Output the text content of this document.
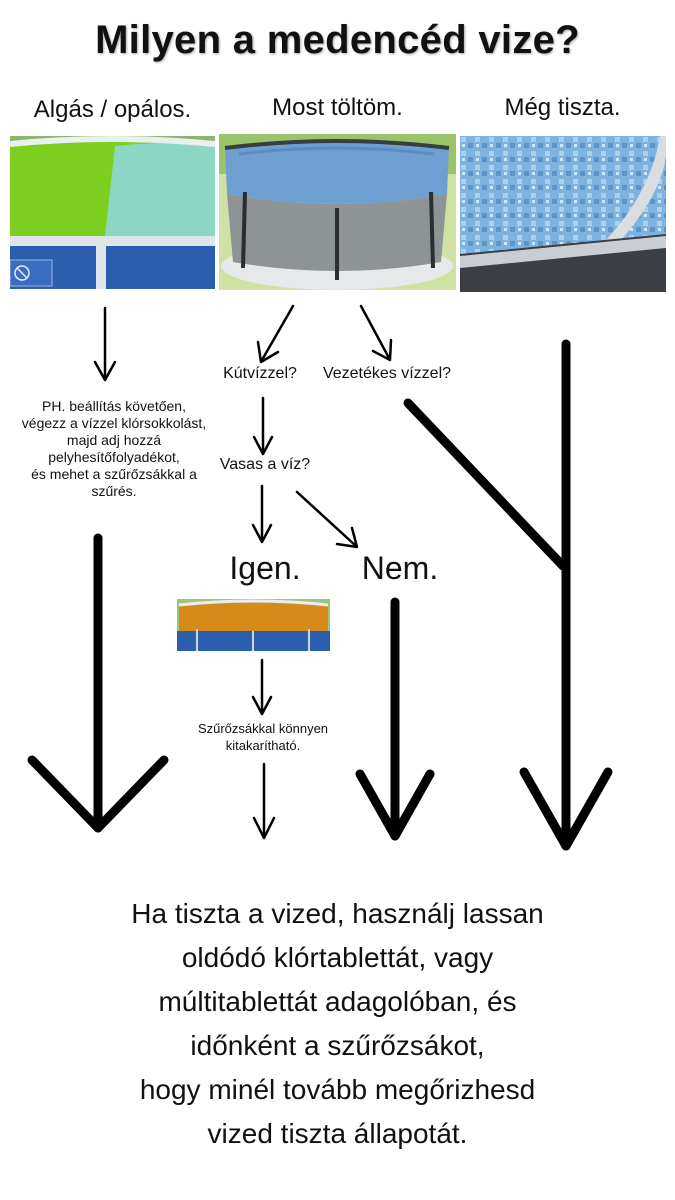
Milyen a medencéd vize?
Algás / opálos.	Most töltöm.	Még tiszta.
PH. beállítás követően,
végezz a vízzel klórsokkolást,
majd adj hozzá
pelyhesítőfolyadékot,
és mehet a szűrőzsákkal a
szűrés.
Kútvízzel?	Vezetékes vízzel?
Vasas a víz?
Igen.	Nem.
Szűrőzsákkal könnyen
kitakarítható.
Ha tiszta a vized, használj lassan
oldódó klórtablettát, vagy
múltitablettát adagolóban, és
időnként a szűrőzsákot,
hogy minél tovább megőrizhesd
vized tiszta állapotát.
